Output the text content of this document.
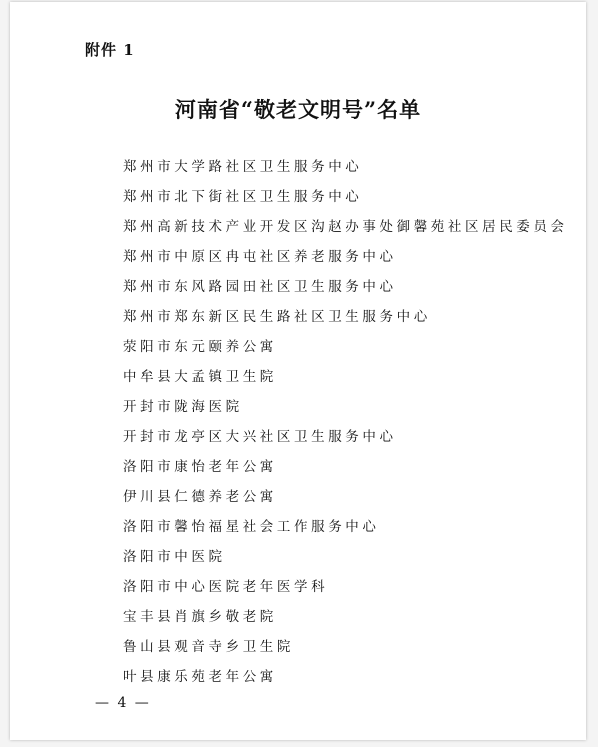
附件 1
河南省“敬老文明号”名单
郑州市大学路社区卫生服务中心
郑州市北下街社区卫生服务中心
郑州高新技术产业开发区沟赵办事处御馨苑社区居民委员会
郑州市中原区冉屯社区养老服务中心
郑州市东风路园田社区卫生服务中心
郑州市郑东新区民生路社区卫生服务中心
荥阳市东元颐养公寓
中牟县大孟镇卫生院
开封市陇海医院
开封市龙亭区大兴社区卫生服务中心
洛阳市康怡老年公寓
伊川县仁德养老公寓
洛阳市馨怡福星社会工作服务中心
洛阳市中医院
洛阳市中心医院老年医学科
宝丰县肖旗乡敬老院
鲁山县观音寺乡卫生院
叶县康乐苑老年公寓
— 4 —
